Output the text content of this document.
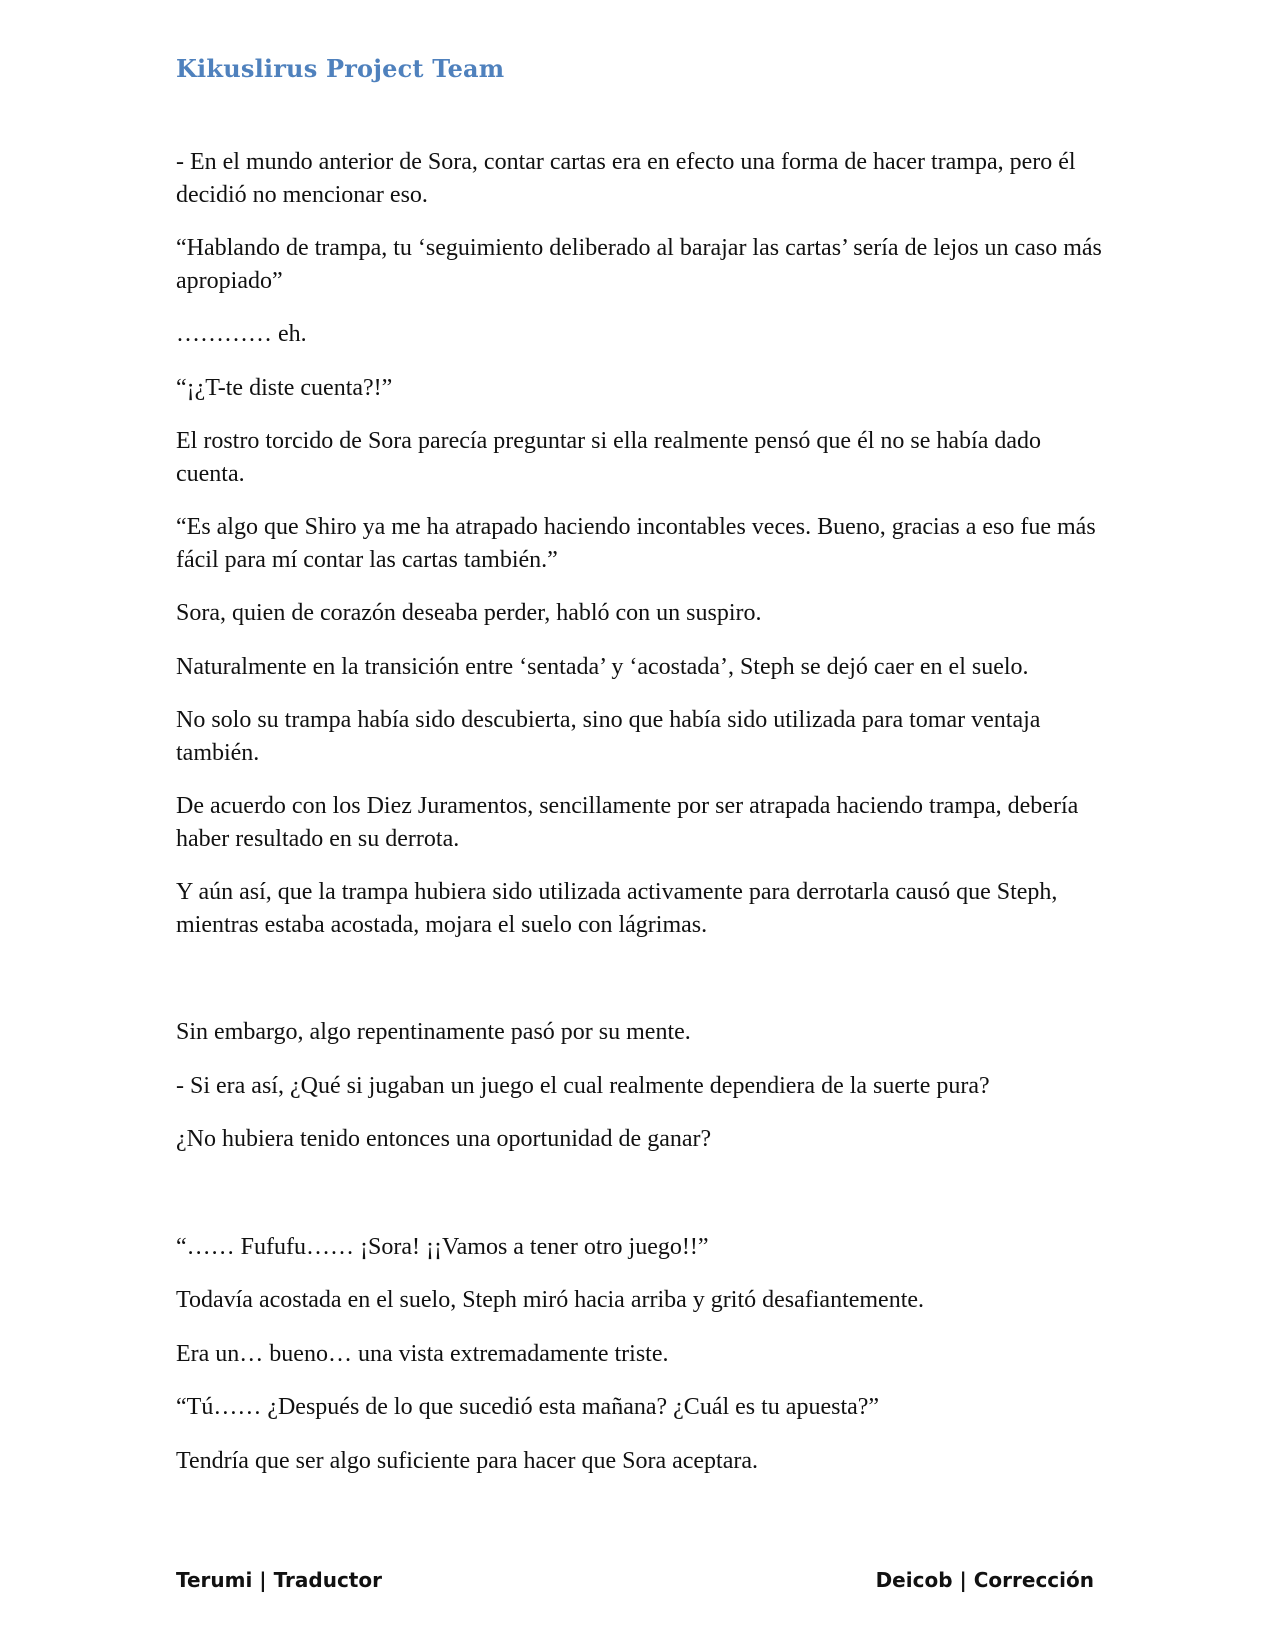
Kikuslirus Project Team

- En el mundo anterior de Sora, contar cartas era en efecto una forma de hacer trampa, pero él decidió no mencionar eso.

“Hablando de trampa, tu ‘seguimiento deliberado al barajar las cartas’ sería de lejos un caso más apropiado”

………… eh.

“¡¿T-te diste cuenta?!”

El rostro torcido de Sora parecía preguntar si ella realmente pensó que él no se había dado cuenta.

“Es algo que Shiro ya me ha atrapado haciendo incontables veces. Bueno, gracias a eso fue más fácil para mí contar las cartas también.”

Sora, quien de corazón deseaba perder, habló con un suspiro.

Naturalmente en la transición entre ‘sentada’ y ‘acostada’, Steph se dejó caer en el suelo.

No solo su trampa había sido descubierta, sino que había sido utilizada para tomar ventaja también.

De acuerdo con los Diez Juramentos, sencillamente por ser atrapada haciendo trampa, debería haber resultado en su derrota.

Y aún así, que la trampa hubiera sido utilizada activamente para derrotarla causó que Steph, mientras estaba acostada, mojara el suelo con lágrimas.

Sin embargo, algo repentinamente pasó por su mente.

- Si era así, ¿Qué si jugaban un juego el cual realmente dependiera de la suerte pura?

¿No hubiera tenido entonces una oportunidad de ganar?

“…… Fufufu…… ¡Sora! ¡¡Vamos a tener otro juego!!”

Todavía acostada en el suelo, Steph miró hacia arriba y gritó desafiantemente.

Era un… bueno… una vista extremadamente triste.

“Tú…… ¿Después de lo que sucedió esta mañana? ¿Cuál es tu apuesta?”

Tendría que ser algo suficiente para hacer que Sora aceptara.

Terumi | Traductor	Deicob | Corrección
